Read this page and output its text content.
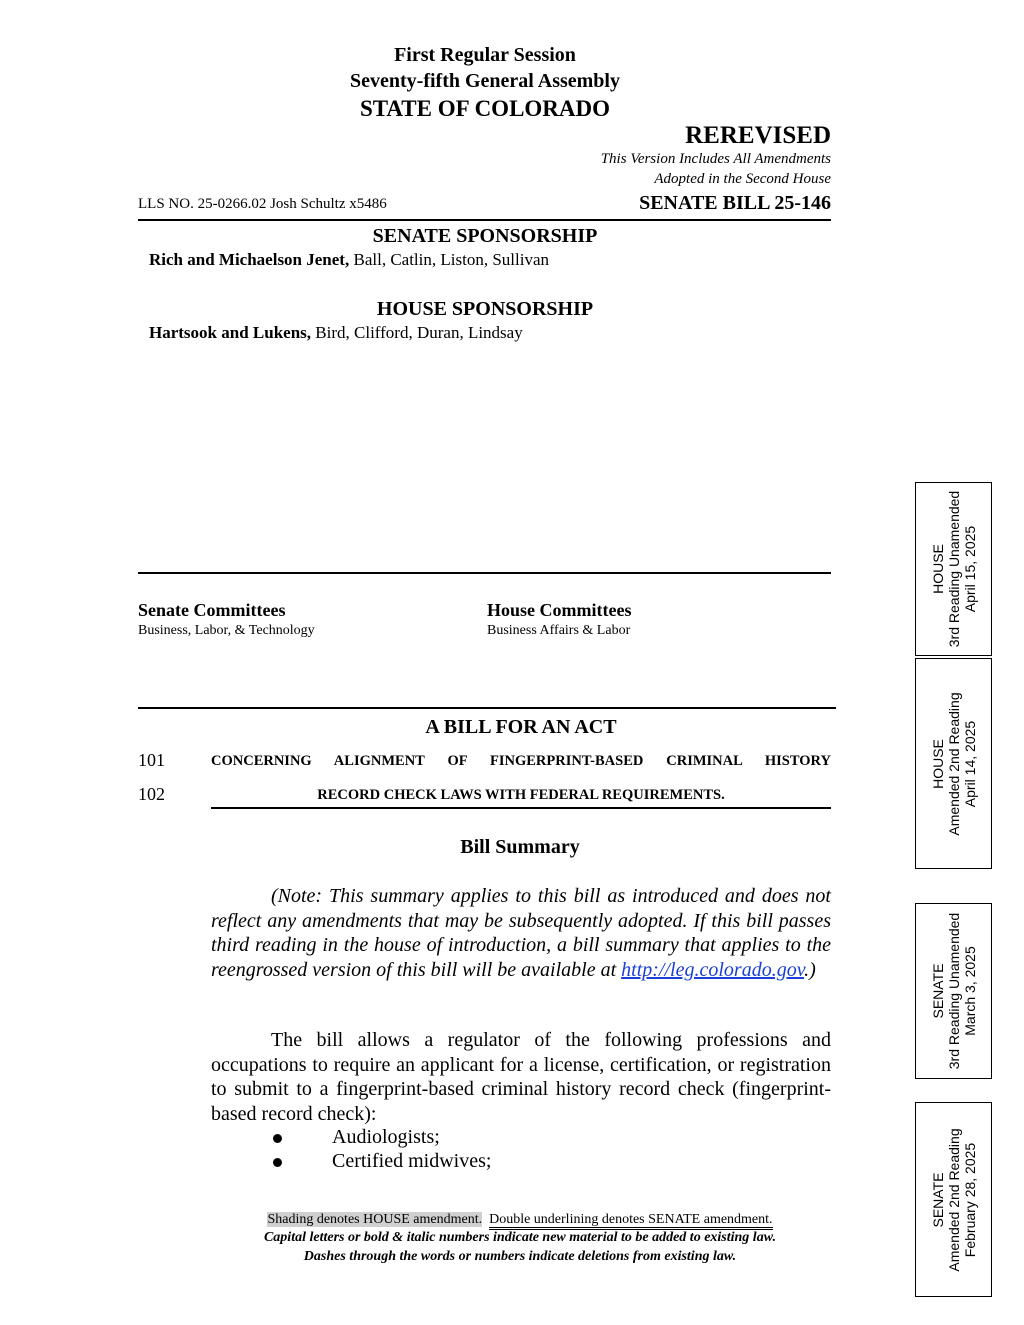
First Regular Session
Seventy-fifth General Assembly
STATE OF COLORADO
REREVISED
This Version Includes All Amendments
Adopted in the Second House
LLS NO. 25-0266.02 Josh Schultz x5486	SENATE BILL 25-146
SENATE SPONSORSHIP
Rich and Michaelson Jenet, Ball, Catlin, Liston, Sullivan
HOUSE SPONSORSHIP
Hartsook and Lukens, Bird, Clifford, Duran, Lindsay
Senate Committees
Business, Labor, & Technology
House Committees
Business Affairs & Labor
A BILL FOR AN ACT
101	CONCERNING ALIGNMENT OF FINGERPRINT-BASED CRIMINAL HISTORY
102	RECORD CHECK LAWS WITH FEDERAL REQUIREMENTS.
Bill Summary
(Note: This summary applies to this bill as introduced and does not reflect any amendments that may be subsequently adopted. If this bill passes third reading in the house of introduction, a bill summary that applies to the reengrossed version of this bill will be available at http://leg.colorado.gov.)
The bill allows a regulator of the following professions and occupations to require an applicant for a license, certification, or registration to submit to a fingerprint-based criminal history record check (fingerprint-based record check):
Audiologists;
Certified midwives;
Shading denotes HOUSE amendment. Double underlining denotes SENATE amendment.
Capital letters or bold & italic numbers indicate new material to be added to existing law.
Dashes through the words or numbers indicate deletions from existing law.
HOUSE 3rd Reading Unamended April 15, 2025
HOUSE Amended 2nd Reading April 14, 2025
SENATE 3rd Reading Unamended March 3, 2025
SENATE Amended 2nd Reading February 28, 2025
